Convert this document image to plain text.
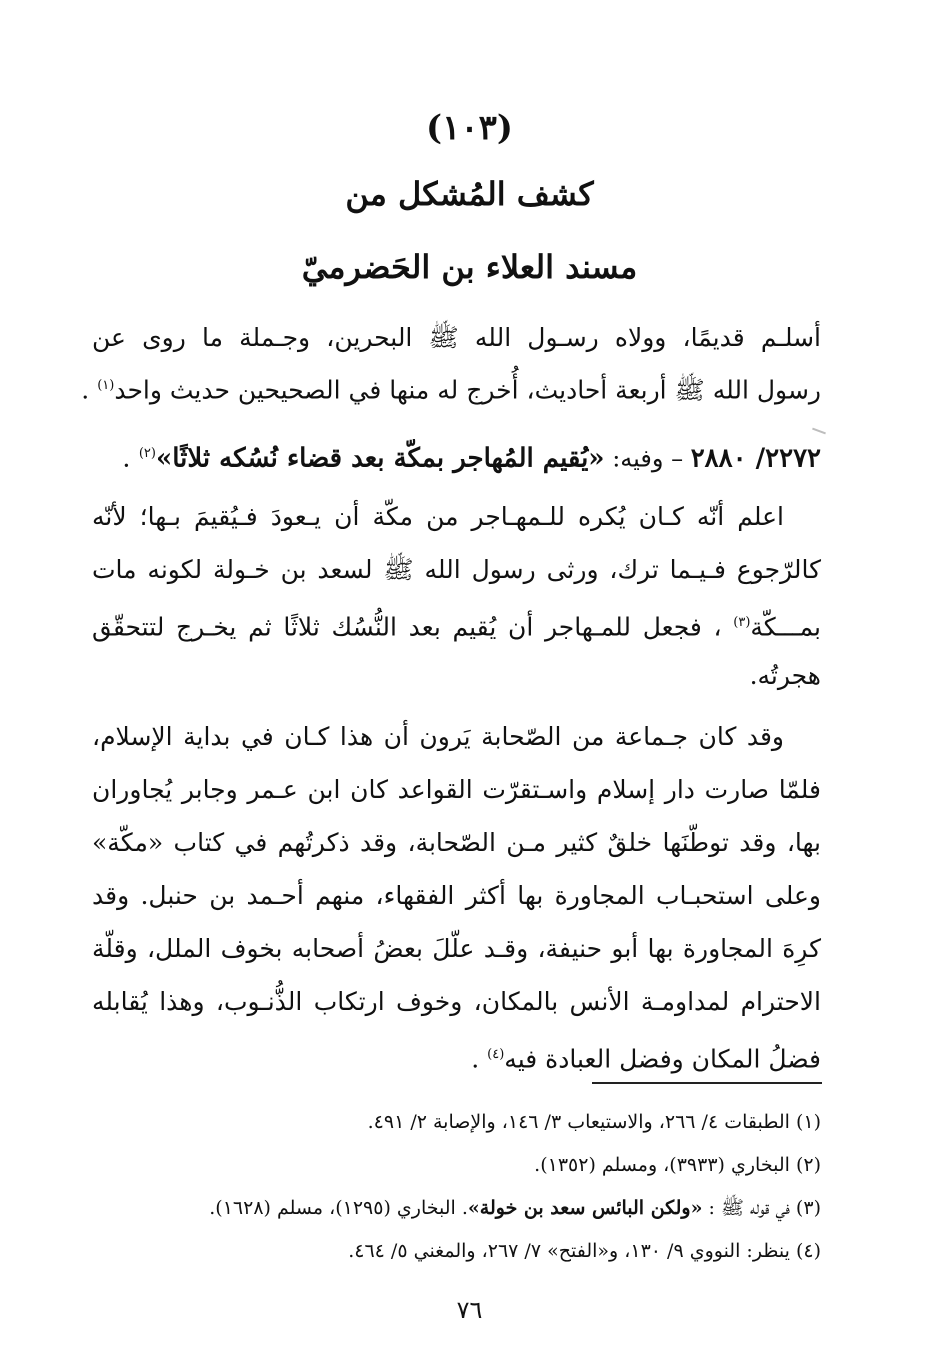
(١٠٣)
كشف المُشكل من
مسند العلاء بن الحَضرميّ
أسلـم قديمًا، وولاه رسـول الله ﷺ البحرين، وجـملة ما روى عن
رسول الله ﷺ أربعة أحاديث، أُخرج له منها في الصحيحين حديث واحد$^{(١)}$ .
٢٢٧٢/ ٢٨٨٠ – وفيه: «يُقيم المُهاجر بمكّة بعد قضاء نُسُكه ثلاثًا»$^{(٢)}$ .
اعلم أنّه كـان يُكره للـمهـاجر من مكّة أن يـعودَ فـيُقيمَ بـها؛ لأنّه
كالرّجوع فـيـما ترك، ورثى رسول الله ﷺ لسعد بن خـولة لكونه مات
بمـــكّة$^{(٣)}$ ، فجعل للمـهاجر أن يُقيم بعد النُّسُك ثلاثًا ثم يخـرج لتتحقّق
هجرتُه.
وقد كان جـماعة من الصّحابة يَرون أن هذا كـان في بداية الإسلام،
فلمّا صارت دار إسلام واسـتقرّت القواعد كان ابن عـمر وجابر يُجاوران
بها، وقد توطّنَها خلقٌ كثير مـن الصّحابة، وقد ذكرتُهم في كتاب «مكّة»
وعلى استحبـاب المجاورة بها أكثر الفقهاء، منهم أحـمد بن حنبل. وقد
كرِهَ المجاورة بها أبو حنيفة، وقـد علّلَ بعضُ أصحابه بخوف الملل، وقلّة
الاحترام لمداومـة الأنس بالمكان، وخوف ارتكاب الذُّنـوب، وهذا يُقابله
فضلُ المكان وفضل العبادة فيه$^{(٤)}$ .
(١) الطبقات ٤/ ٢٦٦، والاستيعاب ٣/ ١٤٦، والإصابة ٢/ ٤٩١.
(٢) البخاري (٣٩٣٣)، ومسلم (١٣٥٢).
(٣) في قوله ﷺ : «ولكن البائس سعد بن خولة». البخاري (١٢٩٥)، مسلم (١٦٢٨).
(٤) ينظر: النووي ٩/ ١٣٠، و«الفتح» ٧/ ٢٦٧، والمغني ٥/ ٤٦٤.
٧٦
